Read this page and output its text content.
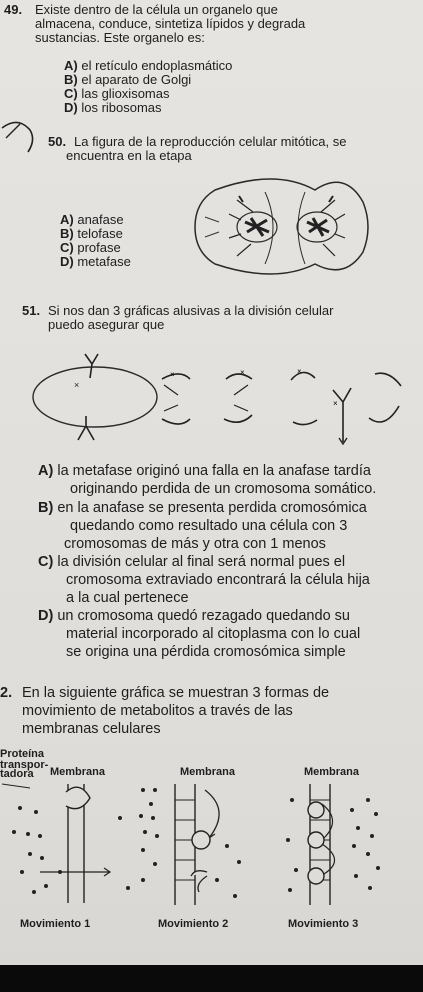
49. Existe dentro de la célula un organelo que
almacena, conduce, sintetiza lípidos y degrada
sustancias. Este organelo es:
A) el retículo endoplasmático
B) el aparato de Golgi
C) las glioxisomas
D) los ribosomas
50. La figura de la reproducción celular mitótica, se
encuentra en la etapa
A) anafase
B) telofase
C) profase
D) metafase
51. Si nos dan 3 gráficas alusivas a la división celular
puedo asegurar que
×
×	×	×
×
A) la metafase originó una falla en la anafase tardía
originando perdida de un cromosoma somático.
B) en la anafase se presenta perdida cromosómica
quedando como resultado una célula con 3
cromosomas de más y otra con 1 menos
C) la división celular al final será normal pues el
cromosoma extraviado encontrará la célula hija
a la cual pertenece
D) un cromosoma quedó rezagado quedando su
material incorporado al citoplasma con lo cual
se origina una pérdida cromosómica simple
2. En la siguiente gráfica se muestran 3 formas de
movimiento de metabolitos a través de las
membranas celulares
Proteína
transpor-
tadora Membrana	Membrana	Membrana
Movimiento 1	Movimiento 2	Movimiento 3
